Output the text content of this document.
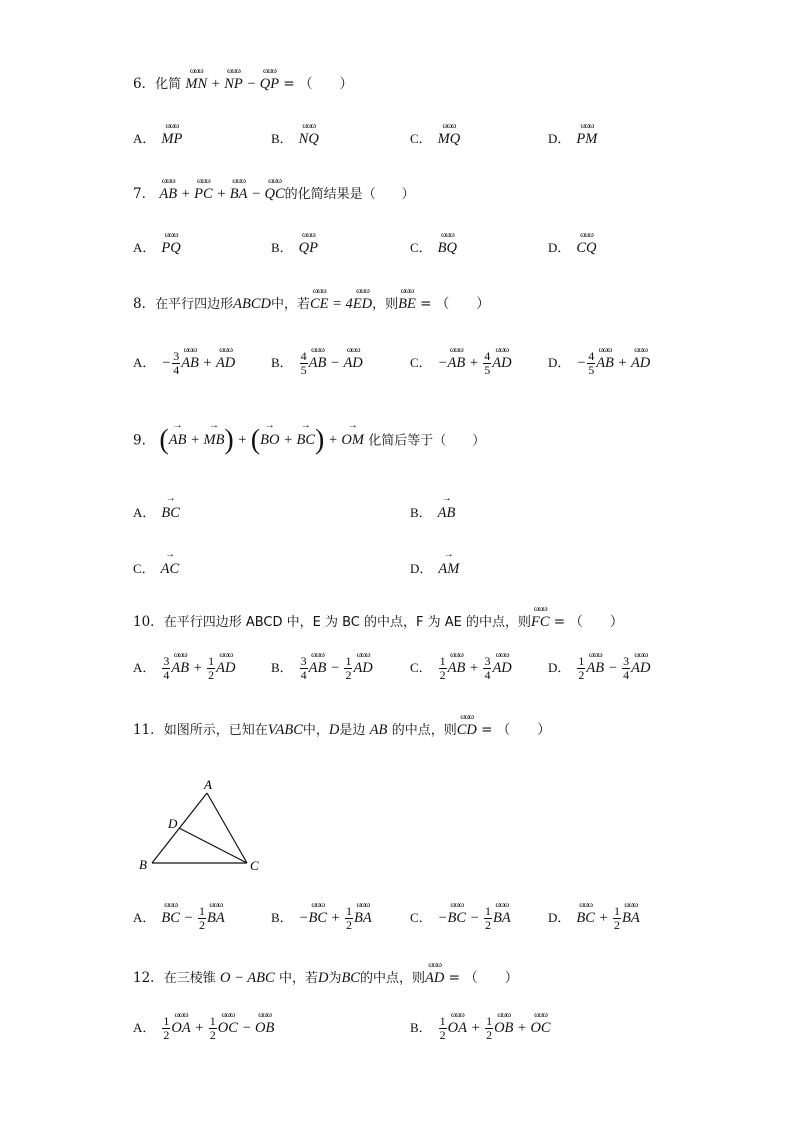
6．化简 ωωω MN + ωωω NP − ωωω QP = （　　）
A． ωωω MP	B． ωωω NQ	C． ωωω MQ	D． ωωω PM
7． ωωω AB + ωωω PC + ωωω BA − ωωω QC的化简结果是（　　）
A． ωωω PQ	B． ωωω QP	C． ωωω BQ	D． ωωω CQ
8．在平行四边形ABCD中，若ωωω CE = 4ωωω ED，则ωωω BE = （　　）
A． − $\frac{3}{4}$ ωωω AB + ωωω AD	B． $\frac{4}{5}$ ωωω AB − ωωω AD	C． −ωωω AB + $\frac{4}{5}$ ωωω AD	D． − $\frac{4}{5}$ ωωω AB + ωωω AD
9． (→ AB + → MB) + (→ BO + → BC) + → OM 化简后等于（　　）
A． → BC	B． → AB
C． → AC	D． → AM
10．在平行四边形 ABCD 中，E 为 BC 的中点，F 为 AE 的中点，则ωωω FC = （　　）
A． $\frac{3}{4}$ ωωω AB + $\frac{1}{2}$ ωωω AD	B． $\frac{3}{4}$ ωωω AB − $\frac{1}{2}$ ωωω AD	C． $\frac{1}{2}$ ωωω AB + $\frac{3}{4}$ ωωω AD	D． $\frac{1}{2}$ ωωω AB − $\frac{3}{4}$ ωωω AD
11．如图所示，已知在VABC中，D是边 AB 的中点，则ωωω CD = （　　）
A
B	C
D
A． ωωω BC − $\frac{1}{2}$ ωωω BA	B． −ωωω BC + $\frac{1}{2}$ ωωω BA	C． −ωωω BC − $\frac{1}{2}$ ωωω BA	D． ωωω BC + $\frac{1}{2}$ ωωω BA
12．在三棱锥 O − ABC 中，若D为BC的中点，则ωωω AD = （　　）
A． $\frac{1}{2}$ ωωω OA + $\frac{1}{2}$ ωωω OC − ωωω OB	B． $\frac{1}{2}$ ωωω OA + $\frac{1}{2}$ ωωω OB + ωωω OC
